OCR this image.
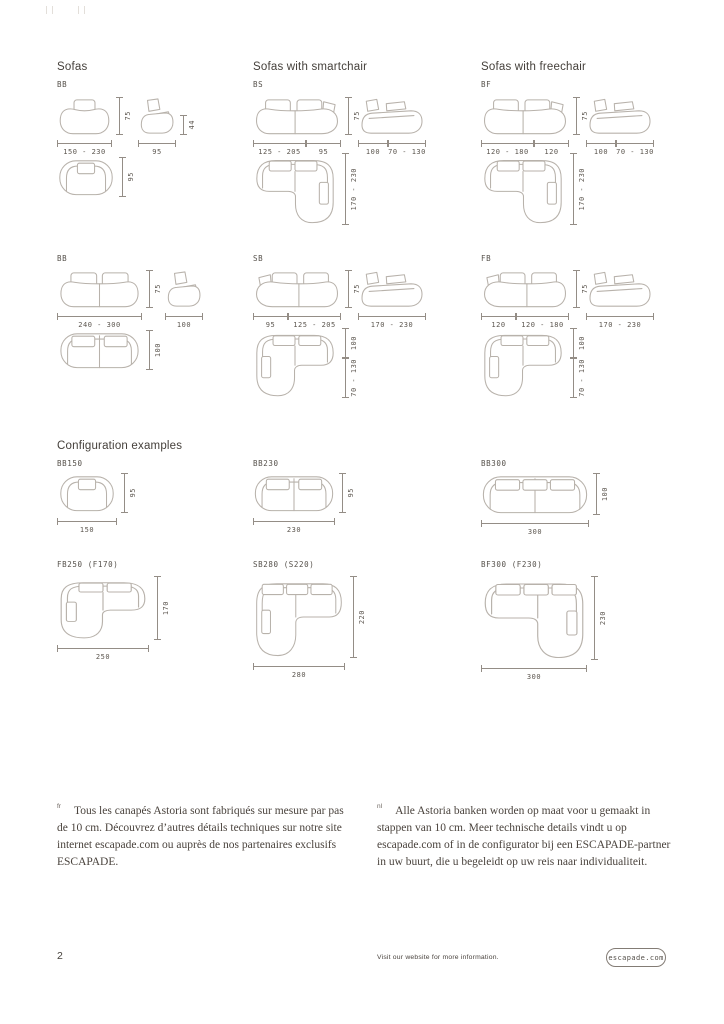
Sofas	Sofas with smartchair	Sofas with freechair
BB	BS	BF
75
150 - 230
44
95
95
75
125 - 205	95	100	70 - 130
170 - 230
75
120 - 180	120	100	70 - 130
170 - 230
BB	SB	FB
75
240 - 300	100
100
75
95	125 - 205	170 - 230
100
70 - 130
75
120	120 - 180	170 - 230
100
70 - 130
Configuration examples
BB150	BB230	BB300
95
150
95
230
100
300
FB250 (F170)	SB280 (S220)	BF300 (F230)
170
250
220
280
230
300
$^{fr}$ Tous les canapés Astoria sont fabriqués sur mesure par pas de 10 cm. Découvrez d’autres détails techniques sur notre site internet escapade.com ou auprès de nos partenaires exclusifs ESCAPADE.
$^{nl}$ Alle Astoria banken worden op maat voor u gemaakt in stappen van 10 cm. Meer technische details vindt u op escapade.com of in de configurator bij een ESCAPADE-partner in uw buurt, die u begeleidt op uw reis naar individualiteit.
2	Visit our website for more information.	escapade.com
